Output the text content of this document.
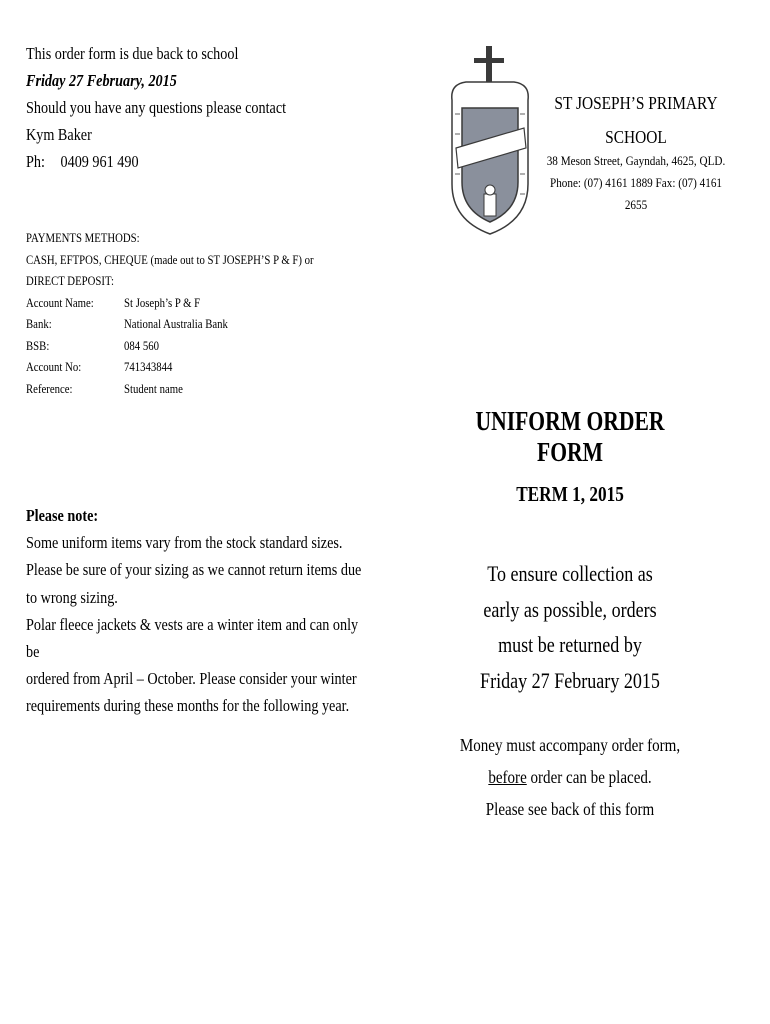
This order form is due back to school
Friday 27 February, 2015
Should you have any questions please contact
Kym Baker
Ph: 0409 961 490
PAYMENTS METHODS:
CASH, EFTPOS, CHEQUE (made out to ST JOSEPH’S P & F) or
DIRECT DEPOSIT:
Account Name:	St Joseph’s P & F
Bank:	National Australia Bank
BSB:	084 560
Account No:	741343844
Reference:	Student name
Please note:
Some uniform items vary from the stock standard sizes.
Please be sure of your sizing as we cannot return items due
to wrong sizing.
Polar fleece jackets & vests are a winter item and can only be
ordered from April – October. Please consider your winter
requirements during these months for the following year.
ST JOSEPH’S PRIMARY
SCHOOL
38 Meson Street, Gayndah, 4625, QLD.
Phone: (07) 4161 1889 Fax: (07) 4161 2655
UNIFORM ORDER FORM
TERM 1, 2015
To ensure collection as
early as possible, orders
must be returned by
Friday 27 February 2015
Money must accompany order form,
before order can be placed.
Please see back of this form
